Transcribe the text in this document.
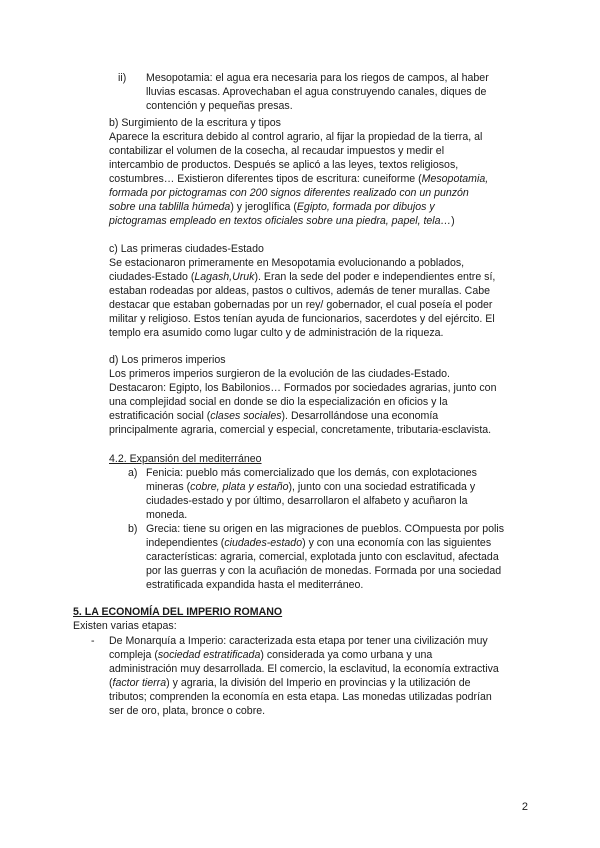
ii) Mesopotamia: el agua era necesaria para los riegos de campos, al haber

lluvias escasas. Aprovechaban el agua construyendo canales, diques de

contención y pequeñas presas.

b) Surgimiento de la escritura y tipos

Aparece la escritura debido al control agrario, al fijar la propiedad de la tierra, al

contabilizar el volumen de la cosecha, al recaudar impuestos y medir el

intercambio de productos. Después se aplicó a las leyes, textos religiosos,

costumbres… Existieron diferentes tipos de escritura: cuneiforme (Mesopotamia,

formada por pictogramas con 200 signos diferentes realizado con un punzón

sobre una tablilla húmeda) y jeroglífica (Egipto, formada por dibujos y

pictogramas empleado en textos oficiales sobre una piedra, papel, tela…)

c) Las primeras ciudades-Estado

Se estacionaron primeramente en Mesopotamia evolucionando a poblados,

ciudades-Estado (Lagash,Uruk). Eran la sede del poder e independientes entre sí,

estaban rodeadas por aldeas, pastos o cultivos, además de tener murallas. Cabe

destacar que estaban gobernadas por un rey/ gobernador, el cual poseía el poder

militar y religioso. Estos tenían ayuda de funcionarios, sacerdotes y del ejército. El

templo era asumido como lugar culto y de administración de la riqueza.

d) Los primeros imperios

Los primeros imperios surgieron de la evolución de las ciudades-Estado.

Destacaron: Egipto, los Babilonios… Formados por sociedades agrarias, junto con

una complejidad social en donde se dio la especialización en oficios y la

estratificación social (clases sociales). Desarrollándose una economía

principalmente agraria, comercial y especial, concretamente, tributaria-esclavista.

4.2. Expansión del mediterráneo

a) Fenicia: pueblo más comercializado que los demás, con explotaciones

mineras (cobre, plata y estaño), junto con una sociedad estratificada y

ciudades-estado y por último, desarrollaron el alfabeto y acuñaron la

moneda.

b) Grecia: tiene su origen en las migraciones de pueblos. COmpuesta por polis

independientes (ciudades-estado) y con una economía con las siguientes

características: agraria, comercial, explotada junto con esclavitud, afectada

por las guerras y con la acuñación de monedas. Formada por una sociedad

estratificada expandida hasta el mediterráneo.

5. LA ECONOMÍA DEL IMPERIO ROMANO

Existen varias etapas:

- De Monarquía a Imperio: caracterizada esta etapa por tener una civilización muy

compleja (sociedad estratificada) considerada ya como urbana y una

administración muy desarrollada. El comercio, la esclavitud, la economía extractiva

(factor tierra) y agraria, la división del Imperio en provincias y la utilización de

tributos; comprenden la economía en esta etapa. Las monedas utilizadas podrían

ser de oro, plata, bronce o cobre.

2
